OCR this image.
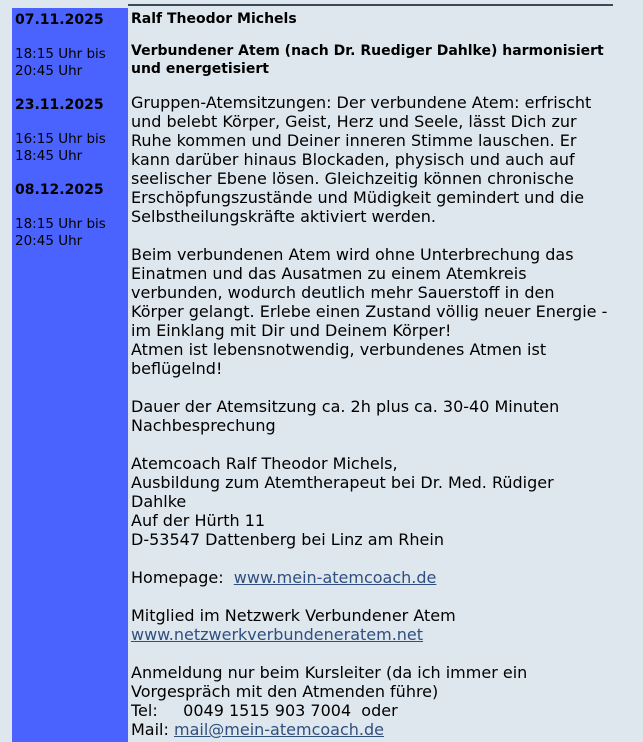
07.11.2025
18:15 Uhr bis
20:45 Uhr
23.11.2025
16:15 Uhr bis
18:45 Uhr
08.12.2025
18:15 Uhr bis
20:45 Uhr
Ralf Theodor Michels
Verbundener Atem (nach Dr. Ruediger Dahlke) harmonisiert
und energetisiert
Gruppen-Atemsitzungen: Der verbundene Atem: erfrischt
und belebt Körper, Geist, Herz und Seele, lässt Dich zur
Ruhe kommen und Deiner inneren Stimme lauschen. Er
kann darüber hinaus Blockaden, physisch und auch auf
seelischer Ebene lösen. Gleichzeitig können chronische
Erschöpfungszustände und Müdigkeit gemindert und die
Selbstheilungskräfte aktiviert werden.
Beim verbundenen Atem wird ohne Unterbrechung das
Einatmen und das Ausatmen zu einem Atemkreis
verbunden, wodurch deutlich mehr Sauerstoff in den
Körper gelangt. Erlebe einen Zustand völlig neuer Energie -
im Einklang mit Dir und Deinem Körper!
Atmen ist lebensnotwendig, verbundenes Atmen ist
beflügelnd!
Dauer der Atemsitzung ca. 2h plus ca. 30-40 Minuten
Nachbesprechung
Atemcoach Ralf Theodor Michels,
Ausbildung zum Atemtherapeut bei Dr. Med. Rüdiger
Dahlke
Auf der Hürth 11
D-53547 Dattenberg bei Linz am Rhein
Homepage: www.mein-atemcoach.de
Mitglied im Netzwerk Verbundener Atem
www.netzwerkverbundeneratem.net
Anmeldung nur beim Kursleiter (da ich immer ein
Vorgespräch mit den Atmenden führe)
Tel:     0049 1515 903 7004  oder
Mail: mail@mein-atemcoach.de
